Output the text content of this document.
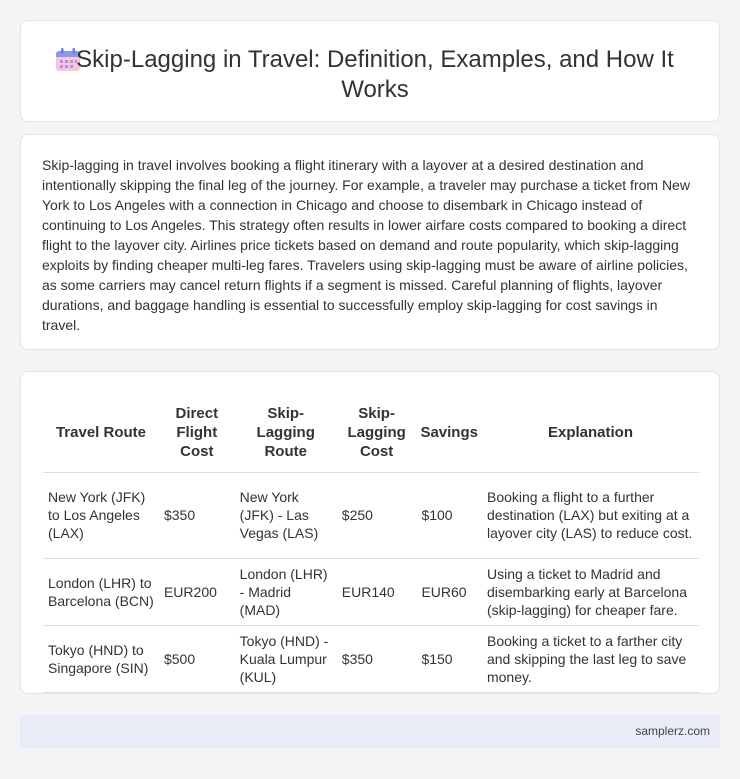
Skip-Lagging in Travel: Definition, Examples, and How It Works

Skip-lagging in travel involves booking a flight itinerary with a layover at a desired destination and intentionally skipping the final leg of the journey. For example, a traveler may purchase a ticket from New York to Los Angeles with a connection in Chicago and choose to disembark in Chicago instead of continuing to Los Angeles. This strategy often results in lower airfare costs compared to booking a direct flight to the layover city. Airlines price tickets based on demand and route popularity, which skip-lagging exploits by finding cheaper multi-leg fares. Travelers using skip-lagging must be aware of airline policies, as some carriers may cancel return flights if a segment is missed. Careful planning of flights, layover durations, and baggage handling is essential to successfully employ skip-lagging for cost savings in travel.

Travel Route	Direct Flight Cost	Skip-Lagging Route	Skip-Lagging Cost	Savings	Explanation
New York (JFK) to Los Angeles (LAX)	$350	New York (JFK) - Las Vegas (LAS)	$250	$100	Booking a flight to a further destination (LAX) but exiting at a layover city (LAS) to reduce cost.
London (LHR) to Barcelona (BCN)	EUR200	London (LHR) - Madrid (MAD)	EUR140	EUR60	Using a ticket to Madrid and disembarking early at Barcelona (skip-lagging) for cheaper fare.
Tokyo (HND) to Singapore (SIN)	$500	Tokyo (HND) - Kuala Lumpur (KUL)	$350	$150	Booking a ticket to a farther city and skipping the last leg to save money.
samplerz.com
